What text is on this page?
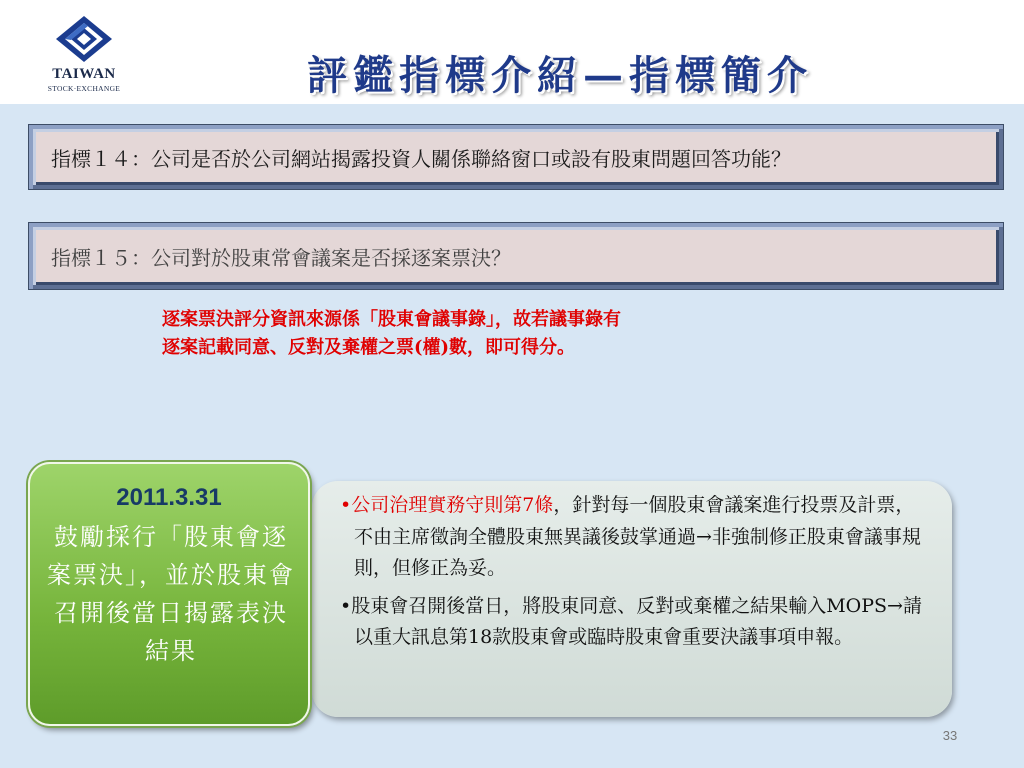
TAIWAN
STOCK·EXCHANGE	評鑑指標介紹—指標簡介
指標１４：公司是否於公司網站揭露投資人關係聯絡窗口或設有股東問題回答功能？
指標１５：公司對於股東常會議案是否採逐案票決？
逐案票決評分資訊來源係「股東會議事錄」，故若議事錄有
逐案記載同意、反對及棄權之票(權)數，即可得分。
•公司治理實務守則第7條，針對每一個股東會議案進行投票及計票，不由主席徵詢全體股東無異議後鼓掌通過→非強制修正股東會議事規則，但修正為妥。
•股東會召開後當日，將股東同意、反對或棄權之結果輸入MOPS→請以重大訊息第18款股東會或臨時股東會重要決議事項申報。
2011.3.31
鼓勵採行「股東會逐案票決」，並於股東會召開後當日揭露表決結果
33
